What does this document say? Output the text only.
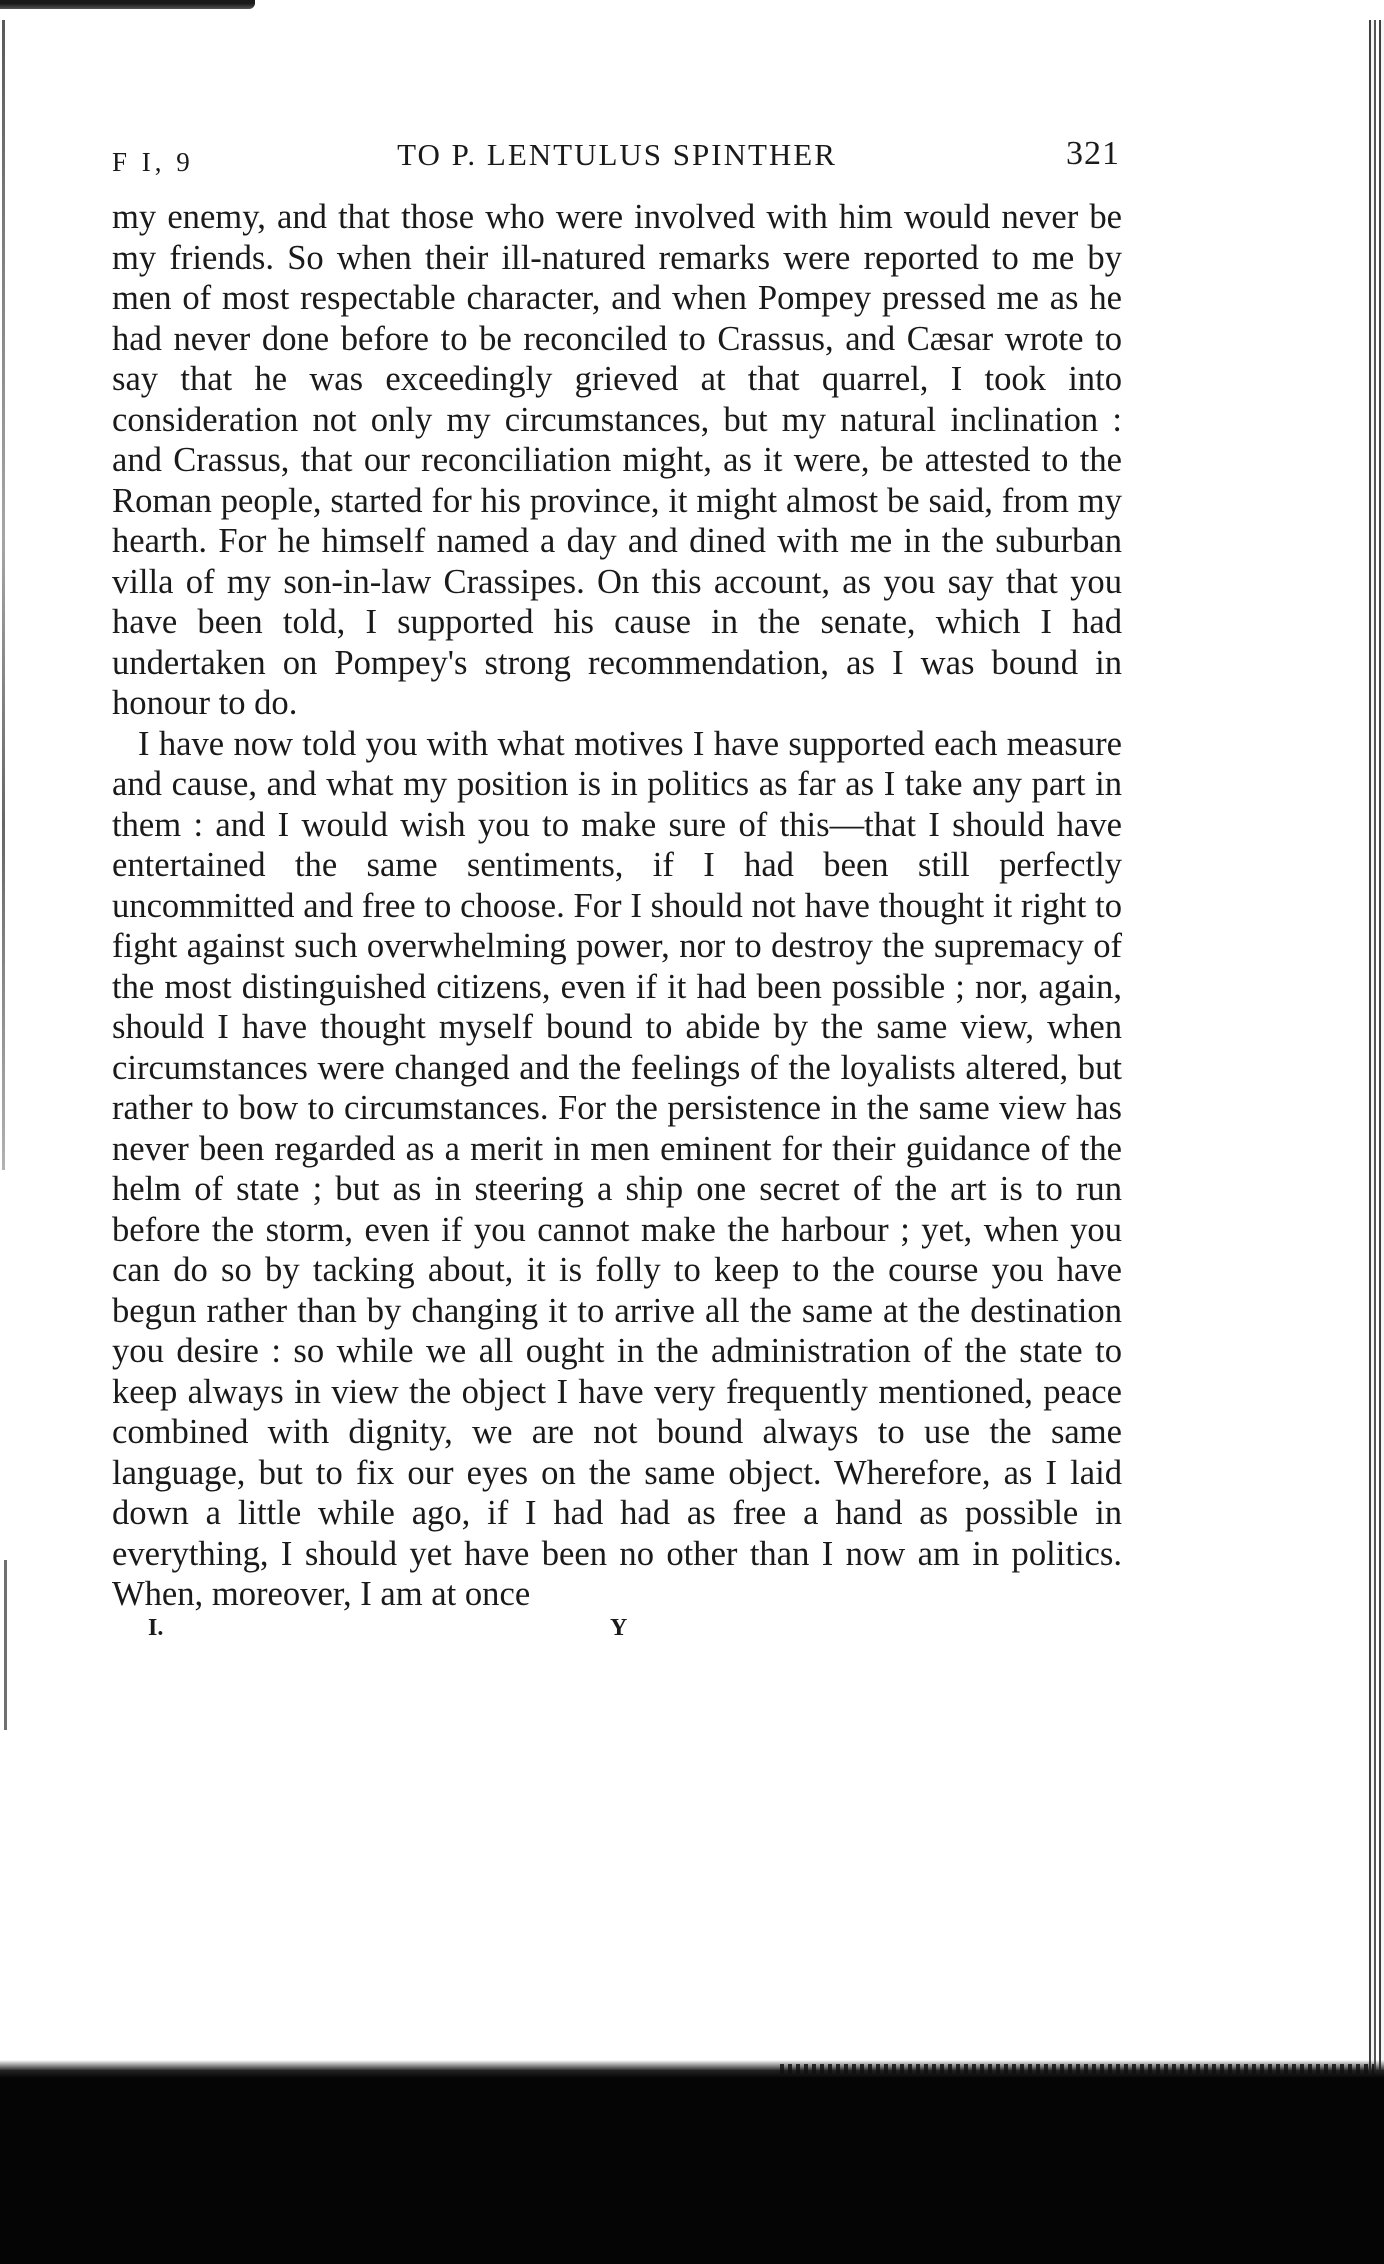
F I, 9	TO P. LENTULUS SPINTHER	321

my enemy, and that those who were involved with him would never be my friends. So when their ill-natured remarks were reported to me by men of most respectable character, and when Pompey pressed me as he had never done before to be reconciled to Crassus, and Cæsar wrote to say that he was exceedingly grieved at that quarrel, I took into consideration not only my circumstances, but my natural inclination : and Crassus, that our reconciliation might, as it were, be attested to the Roman people, started for his province, it might almost be said, from my hearth. For he himself named a day and dined with me in the suburban villa of my son-in-law Crassipes. On this account, as you say that you have been told, I supported his cause in the senate, which I had undertaken on Pompey's strong recommendation, as I was bound in honour to do.

I have now told you with what motives I have supported each measure and cause, and what my position is in politics as far as I take any part in them : and I would wish you to make sure of this—that I should have entertained the same sentiments, if I had been still perfectly uncommitted and free to choose. For I should not have thought it right to fight against such overwhelming power, nor to destroy the supremacy of the most distinguished citizens, even if it had been possible ; nor, again, should I have thought myself bound to abide by the same view, when circumstances were changed and the feelings of the loyalists altered, but rather to bow to circumstances. For the persistence in the same view has never been regarded as a merit in men eminent for their guidance of the helm of state ; but as in steering a ship one secret of the art is to run before the storm, even if you cannot make the harbour ; yet, when you can do so by tacking about, it is folly to keep to the course you have begun rather than by changing it to arrive all the same at the destination you desire : so while we all ought in the administration of the state to keep always in view the object I have very frequently mentioned, peace combined with dignity, we are not bound always to use the same language, but to fix our eyes on the same object. Wherefore, as I laid down a little while ago, if I had had as free a hand as possible in everything, I should yet have been no other than I now am in politics. When, moreover, I am at once

I.	Y
